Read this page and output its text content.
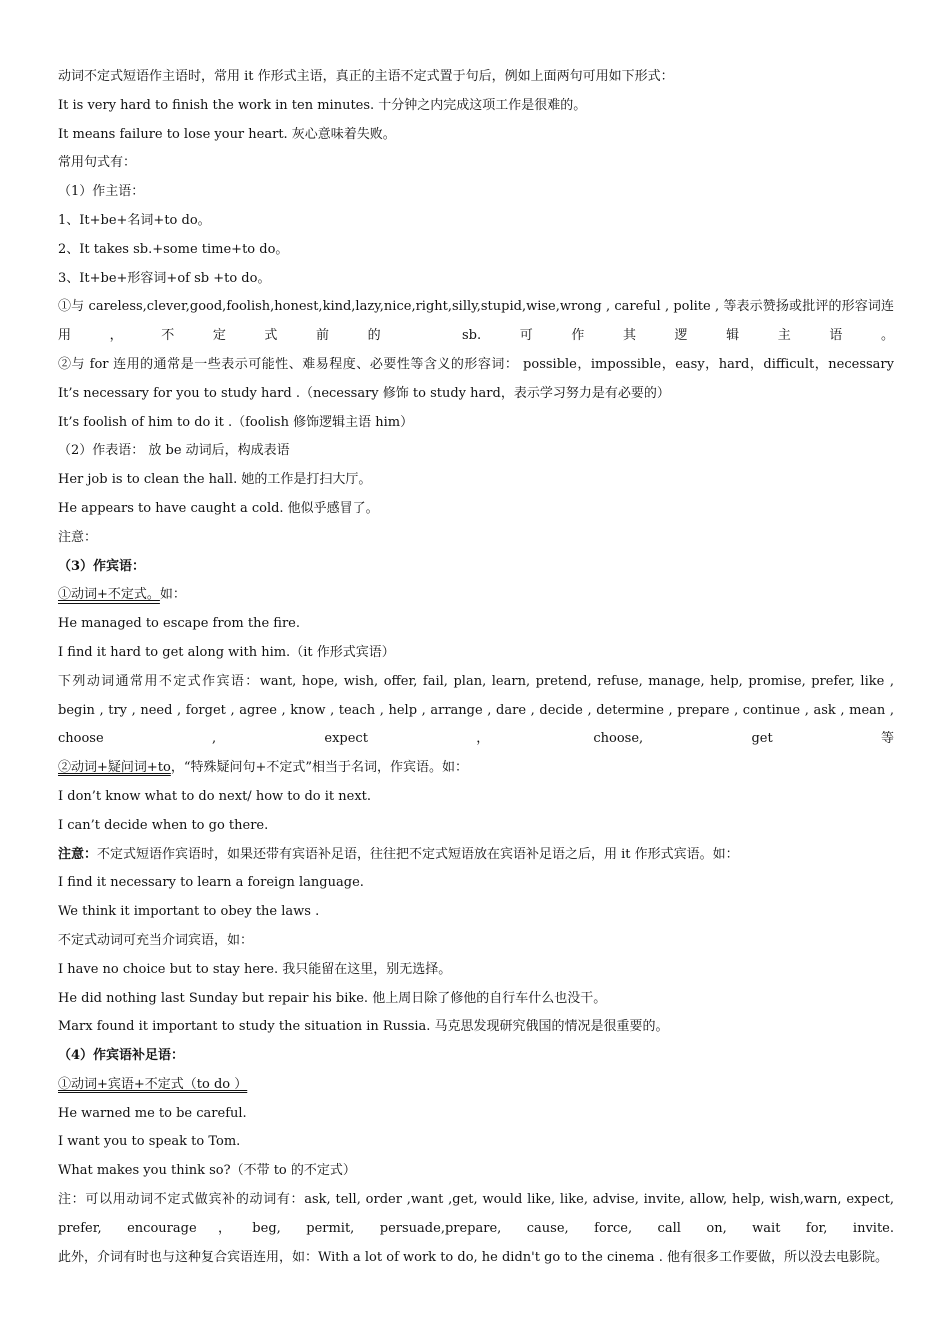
动词不定式短语作主语时，常用 it 作形式主语，真正的主语不定式置于句后，例如上面两句可用如下形式：
It is very hard to finish the work in ten minutes. 十分钟之内完成这项工作是很难的。
It means failure to lose your heart. 灰心意味着失败。
常用句式有：
（1）作主语：
1、It+be+名词+to do。
2、It takes sb.+some time+to do。
3、It+be+形容词+of sb +to do。
①与 careless,clever,good,foolish,honest,kind,lazy,nice,right,silly,stupid,wise,wrong , careful , polite , 等表示赞扬或批评的形容词连用，不定式前的 sb.可作其逻辑主语。
②与 for 连用的通常是一些表示可能性、难易程度、必要性等含义的形容词： possible，impossible，easy，hard，difficult，necessary
It’s necessary for you to study hard .（necessary 修饰 to study hard，表示学习努力是有必要的）
It’s foolish of him to do it .（foolish 修饰逻辑主语 him）
（2）作表语： 放 be 动词后，构成表语
Her job is to clean the hall. 她的工作是打扫大厅。
He appears to have caught a cold. 他似乎感冒了。
注意：
（3）作宾语：
①动词+不定式。如：
He managed to escape from the fire.
I find it hard to get along with him.（it 作形式宾语）
下列动词通常用不定式作宾语：want, hope, wish, offer, fail, plan, learn, pretend, refuse, manage, help, promise, prefer, like , begin , try , need , forget , agree , know , teach , help , arrange , dare , decide , determine , prepare , continue , ask , mean , choose , expect ，choose, get 等
②动词+疑问词+to，“特殊疑问句+不定式”相当于名词，作宾语。如：
I don’t know what to do next/ how to do it next.
I can’t decide when to go there.
注意：不定式短语作宾语时，如果还带有宾语补足语，往往把不定式短语放在宾语补足语之后，用 it 作形式宾语。如：
I find it necessary to learn a foreign language.
We think it important to obey the laws .
不定式动词可充当介词宾语，如：
I have no choice but to stay here. 我只能留在这里，别无选择。
He did nothing last Sunday but repair his bike. 他上周日除了修他的自行车什么也没干。
Marx found it important to study the situation in Russia. 马克思发现研究俄国的情况是很重要的。
（4）作宾语补足语：
①动词+宾语+不定式（to do ）
He warned me to be careful.
I want you to speak to Tom.
What makes you think so?（不带 to 的不定式）
注：可以用动词不定式做宾补的动词有：ask, tell, order ,want ,get, would like, like, advise, invite, allow, help, wish,warn, expect, prefer, encourage，beg, permit, persuade,prepare, cause, force, call on, wait for, invite.
此外，介词有时也与这种复合宾语连用，如：With a lot of work to do, he didn't go to the cinema . 他有很多工作要做，所以没去电影院。
